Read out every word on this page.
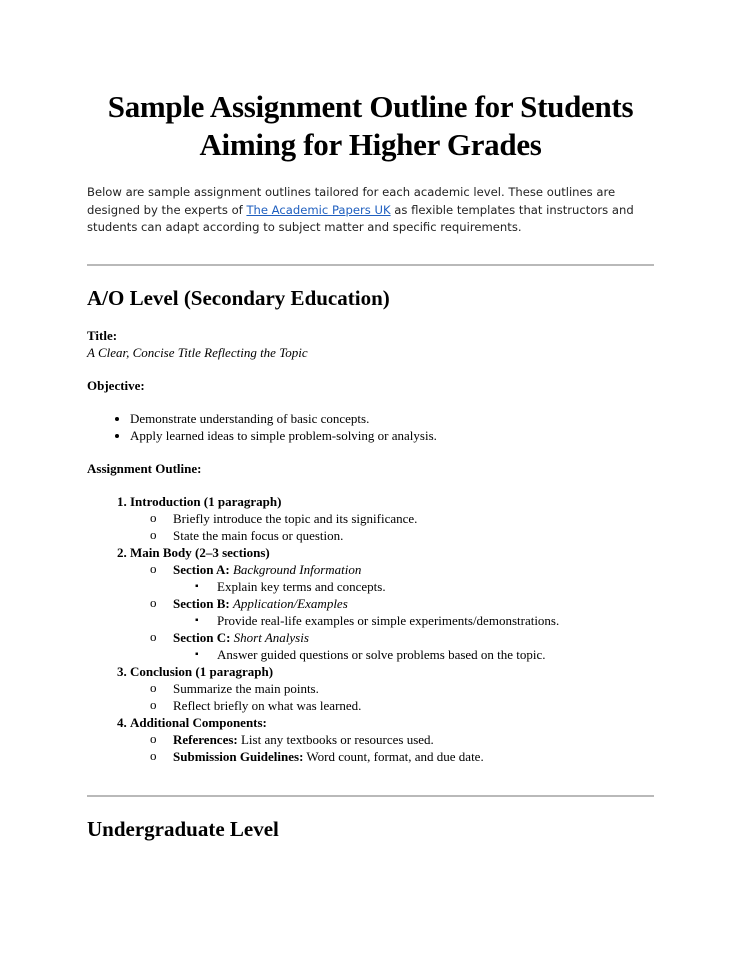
Sample Assignment Outline for Students Aiming for Higher Grades

Below are sample assignment outlines tailored for each academic level. These outlines are designed by the experts of The Academic Papers UK as flexible templates that instructors and students can adapt according to subject matter and specific requirements.

A/O Level (Secondary Education)

Title:

A Clear, Concise Title Reflecting the Topic

Objective:

• Demonstrate understanding of basic concepts.
• Apply learned ideas to simple problem-solving or analysis.

Assignment Outline:

1. Introduction (1 paragraph)
o Briefly introduce the topic and its significance.
o State the main focus or question.
2. Main Body (2–3 sections)
o Section A: Background Information
▪ Explain key terms and concepts.
o Section B: Application/Examples
▪ Provide real-life examples or simple experiments/demonstrations.
o Section C: Short Analysis
▪ Answer guided questions or solve problems based on the topic.
3. Conclusion (1 paragraph)
o Summarize the main points.
o Reflect briefly on what was learned.
4. Additional Components:
o References: List any textbooks or resources used.
o Submission Guidelines: Word count, format, and due date.
Undergraduate Level
